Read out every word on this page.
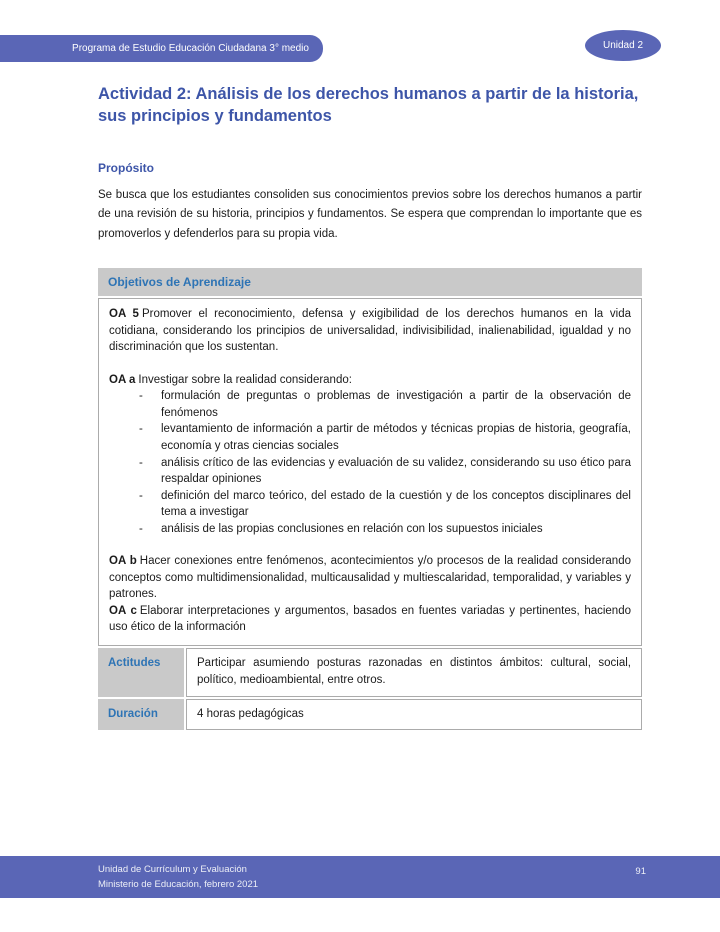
Programa de Estudio Educación Ciudadana 3° medio	Unidad 2
Actividad 2: Análisis de los derechos humanos a partir de la historia, sus principios y fundamentos
Propósito
Se busca que los estudiantes consoliden sus conocimientos previos sobre los derechos humanos a partir de una revisión de su historia, principios y fundamentos. Se espera que comprendan lo importante que es promoverlos y defenderlos para su propia vida.
Objetivos de Aprendizaje
OA 5 Promover el reconocimiento, defensa y exigibilidad de los derechos humanos en la vida cotidiana, considerando los principios de universalidad, indivisibilidad, inalienabilidad, igualdad y no discriminación que los sustentan.
OA a Investigar sobre la realidad considerando:
-	formulación de preguntas o problemas de investigación a partir de la observación de fenómenos
-	levantamiento de información a partir de métodos y técnicas propias de historia, geografía, economía y otras ciencias sociales
-	análisis crítico de las evidencias y evaluación de su validez, considerando su uso ético para respaldar opiniones
-	definición del marco teórico, del estado de la cuestión y de los conceptos disciplinares del tema a investigar
-	análisis de las propias conclusiones en relación con los supuestos iniciales
OA b Hacer conexiones entre fenómenos, acontecimientos y/o procesos de la realidad considerando conceptos como multidimensionalidad, multicausalidad y multiescalaridad, temporalidad, y variables y patrones.
OA c Elaborar interpretaciones y argumentos, basados en fuentes variadas y pertinentes, haciendo uso ético de la información
Actitudes	Participar asumiendo posturas razonadas en distintos ámbitos: cultural, social, político, medioambiental, entre otros.
Duración	4 horas pedagógicas
Unidad de Currículum y Evaluación
Ministerio de Educación, febrero 2021
91
